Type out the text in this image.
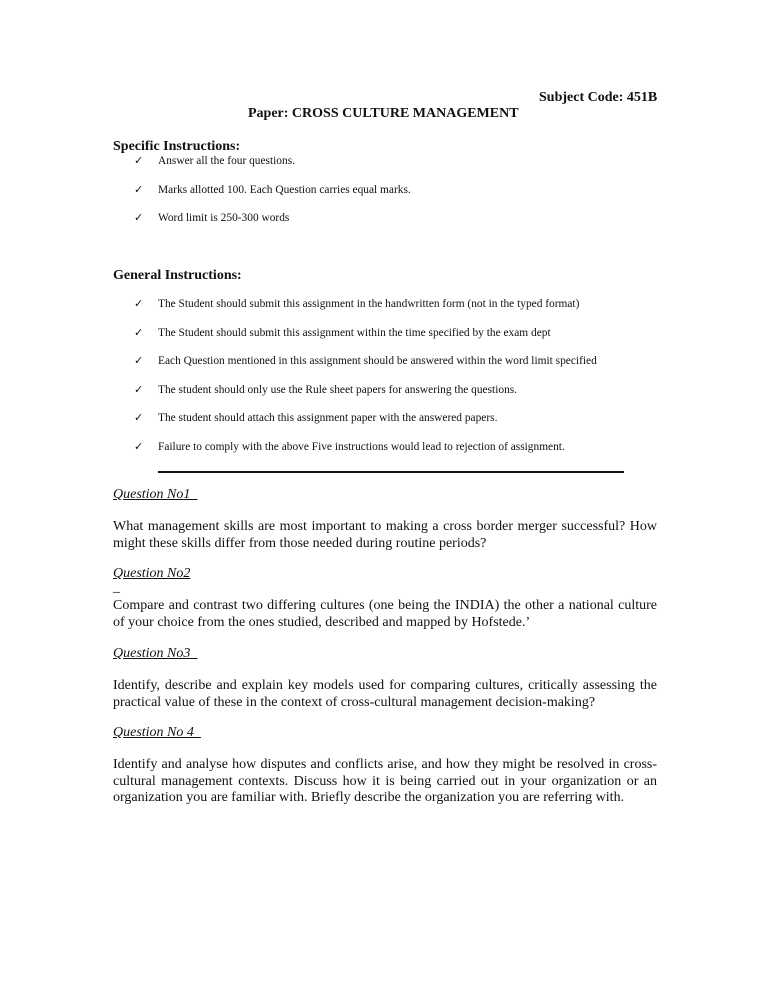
Subject Code: 451B
Paper: CROSS CULTURE MANAGEMENT
Specific Instructions:
✓ Answer all the four questions.
✓ Marks allotted 100. Each Question carries equal marks.
✓ Word limit is 250-300 words
General Instructions:
✓ The Student should submit this assignment in the handwritten form (not in the typed format)
✓ The Student should submit this assignment within the time specified by the exam dept
✓ Each Question mentioned in this assignment should be answered within the word limit specified
✓ The student should only use the Rule sheet papers for answering the questions.
✓ The student should attach this assignment paper with the answered papers.
✓ Failure to comply with the above Five instructions would lead to rejection of assignment.
Question No1
What management skills are most important to making a cross border merger successful? How might these skills differ from those needed during routine periods?
Question No2
_
Compare and contrast two differing cultures (one being the INDIA) the other a national culture of your choice from the ones studied, described and mapped by Hofstede.’
Question No3
Identify, describe and explain key models used for comparing cultures, critically assessing the practical value of these in the context of cross-cultural management decision-making?
Question No 4
Identify and analyse how disputes and conflicts arise, and how they might be resolved in cross-cultural management contexts. Discuss how it is being carried out in your organization or an organization you are familiar with. Briefly describe the organization you are referring with.
